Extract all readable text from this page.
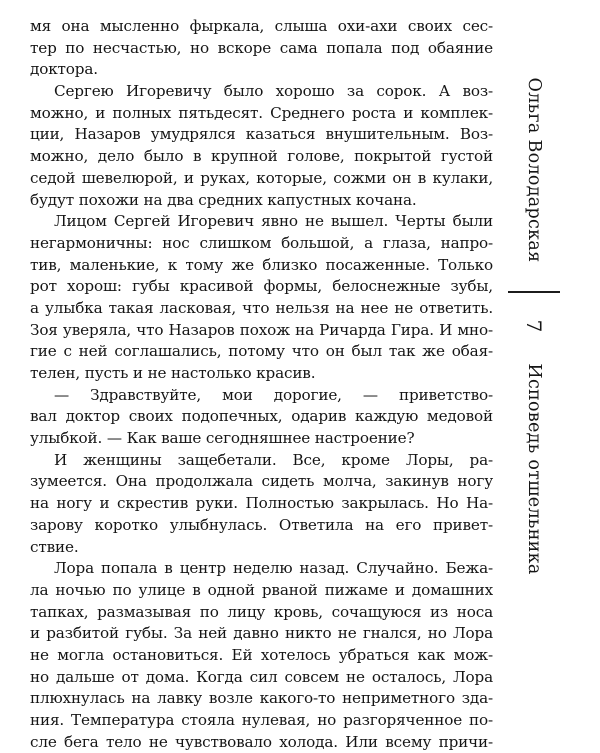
мя она мысленно фыркала, слыша охи-ахи своих сес-
тер по несчастью, но вскоре сама попала под обаяние
доктора.
Сергею Игоревичу было хорошо за сорок. А воз-
можно, и полных пятьдесят. Среднего роста и комплек-
ции, Назаров умудрялся казаться внушительным. Воз-
можно, дело было в крупной голове, покрытой густой
седой шевелюрой, и руках, которые, сожми он в кулаки,
будут похожи на два средних капустных кочана.
Лицом Сергей Игоревич явно не вышел. Черты были
негармоничны: нос слишком большой, а глаза, напро-
тив, маленькие, к тому же близко посаженные. Только
рот хорош: губы красивой формы, белоснежные зубы,
а улыбка такая ласковая, что нельзя на нее не ответить.
Зоя уверяла, что Назаров похож на Ричарда Гира. И мно-
гие с ней соглашались, потому что он был так же обая-
телен, пусть и не настолько красив.
— Здравствуйте, мои дорогие, — приветство-
вал доктор своих подопечных, одарив каждую медовой
улыбкой. — Как ваше сегодняшнее настроение?
И женщины защебетали. Все, кроме Лоры, ра-
зумеется. Она продолжала сидеть молча, закинув ногу
на ногу и скрестив руки. Полностью закрылась. Но На-
зарову коротко улыбнулась. Ответила на его привет-
ствие.
Лора попала в центр неделю назад. Случайно. Бежа-
ла ночью по улице в одной рваной пижаме и домашних
тапках, размазывая по лицу кровь, сочащуюся из носа
и разбитой губы. За ней давно никто не гнался, но Лора
не могла остановиться. Ей хотелось убраться как мож-
но дальше от дома. Когда сил совсем не осталось, Лора
плюхнулась на лавку возле какого-то неприметного зда-
ния. Температура стояла нулевая, но разгоряченное по-
сле бега тело не чувствовало холода. Или всему причи-
Ольга Володарская
7
Исповедь отшельника
